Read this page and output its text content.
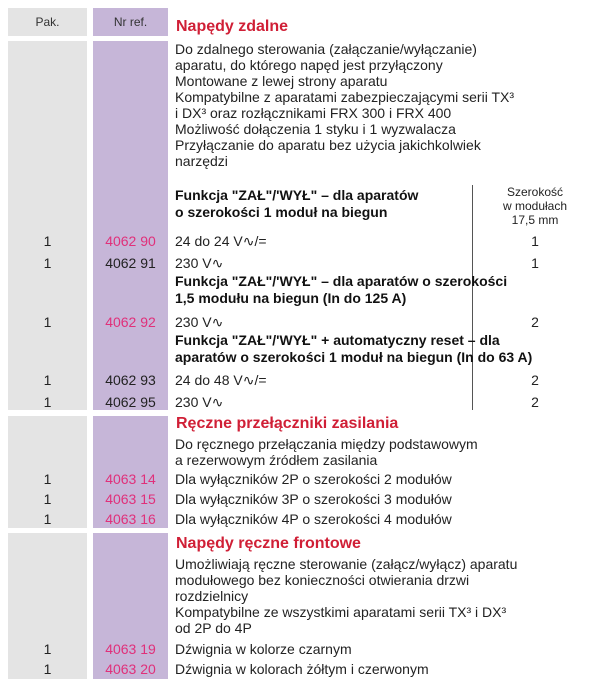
Pak.	Nr ref.	Napędy zdalne
Do zdalnego sterowania (załączanie/wyłączanie)
aparatu, do którego napęd jest przyłączony
Montowane z lewej strony aparatu
Kompatybilne z aparatami zabezpieczającymi serii TX³
i DX³ oraz rozłącznikami FRX 300 i FRX 400
Możliwość dołączenia 1 styku i 1 wyzwalacza
Przyłączanie do aparatu bez użycia jakichkolwiek
narzędzi
Szerokość
w modułach
17,5 mm
Funkcja "ZAŁ"/'WYŁ" – dla aparatów
o szerokości 1 moduł na biegun
1	4062 90	24 do 24 V∿/=	1
1	4062 91	230 V∿	1
Funkcja "ZAŁ"/'WYŁ" – dla aparatów o szerokości
1,5 modułu na biegun (In do 125 A)
1	4062 92	230 V∿	2
Funkcja "ZAŁ"/'WYŁ" + automatyczny reset – dla
aparatów o szerokości 1 moduł na biegun (In do 63 A)
1	4062 93	24 do 48 V∿/=	2
1	4062 95	230 V∿	2
Ręczne przełączniki zasilania
Do ręcznego przełączania między podstawowym
a rezerwowym źródłem zasilania
1	4063 14	Dla wyłączników 2P o szerokości 2 modułów
1	4063 15	Dla wyłączników 3P o szerokości 3 modułów
1	4063 16	Dla wyłączników 4P o szerokości 4 modułów
Napędy ręczne frontowe
Umożliwiają ręczne sterowanie (załącz/wyłącz) aparatu
modułowego bez konieczności otwierania drzwi
rozdzielnicy
Kompatybilne ze wszystkimi aparatami serii TX³ i DX³
od 2P do 4P
1	4063 19	Dźwignia w kolorze czarnym
1	4063 20	Dźwignia w kolorach żółtym i czerwonym
